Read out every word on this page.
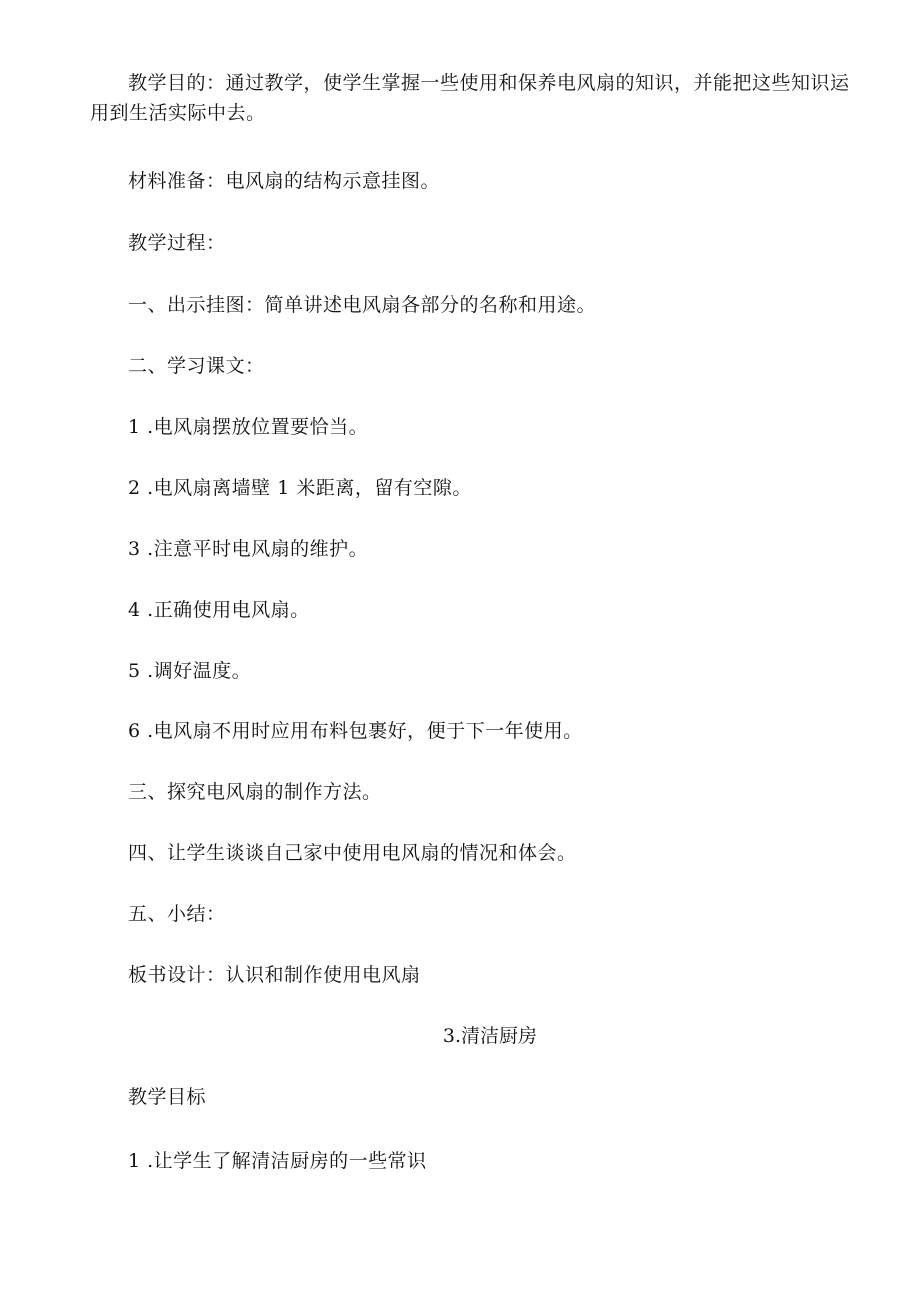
教学目的：通过教学，使学生掌握一些使用和保养电风扇的知识，并能把这些知识运用到生活实际中去。

材料准备：电风扇的结构示意挂图。
教学过程：
一、出示挂图：简单讲述电风扇各部分的名称和用途。
二、学习课文：
1 .电风扇摆放位置要恰当。
2 .电风扇离墙壁 1 米距离，留有空隙。
3 .注意平时电风扇的维护。
4 .正确使用电风扇。
5 .调好温度。
6 .电风扇不用时应用布料包裹好，便于下一年使用。
三、探究电风扇的制作方法。
四、让学生谈谈自己家中使用电风扇的情况和体会。
五、小结：
板书设计：认识和制作使用电风扇
3.清洁厨房
教学目标
1 .让学生了解清洁厨房的一些常识
